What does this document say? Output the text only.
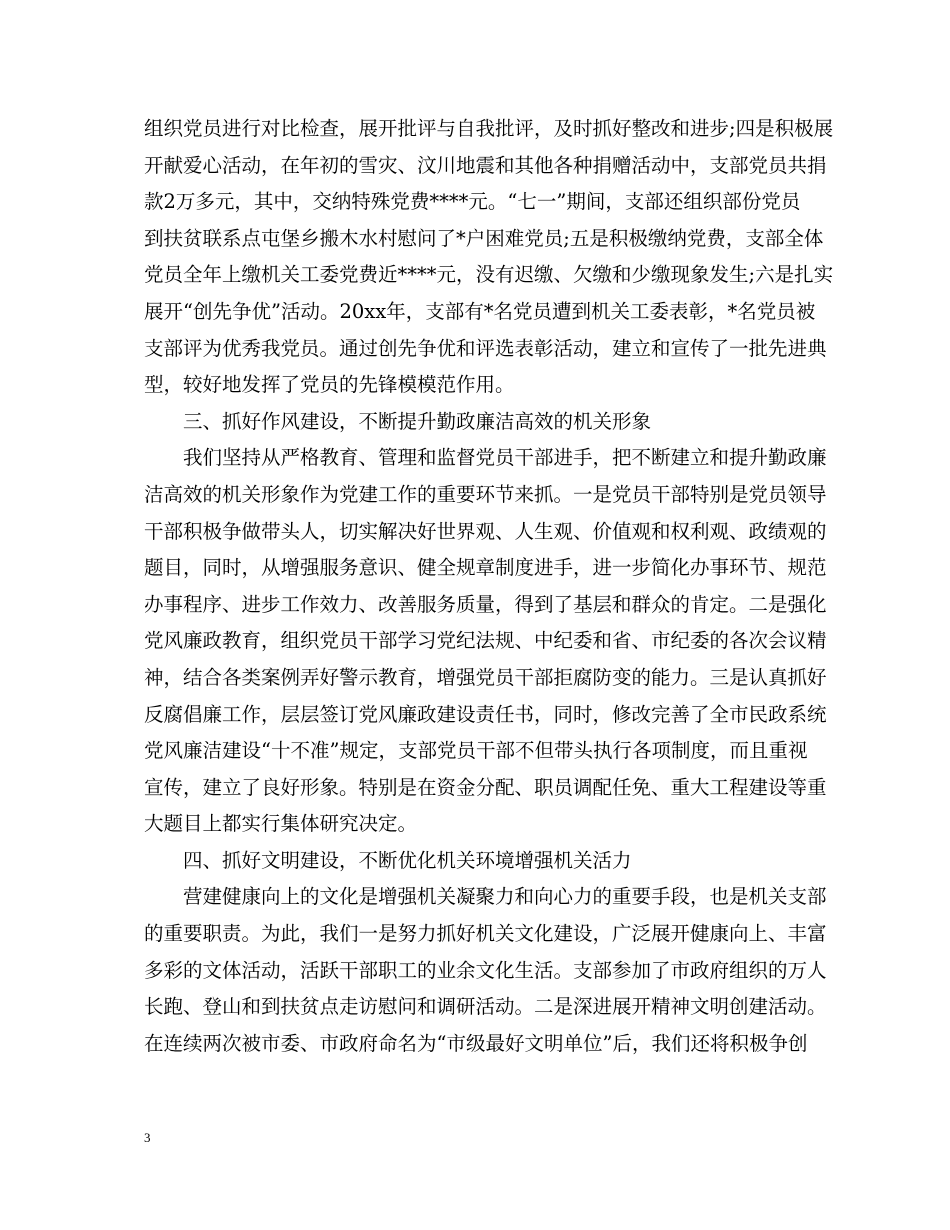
组织党员进行对比检查，展开批评与自我批评，及时抓好整改和进步;四是积极展
开献爱心活动，在年初的雪灾、汶川地震和其他各种捐赠活动中，支部党员共捐
款2万多元，其中，交纳特殊党费****元。“七一”期间，支部还组织部份党员
到扶贫联系点屯堡乡搬木水村慰问了*户困难党员;五是积极缴纳党费，支部全体
党员全年上缴机关工委党费近****元，没有迟缴、欠缴和少缴现象发生;六是扎实
展开“创先争优”活动。20xx年，支部有*名党员遭到机关工委表彰，*名党员被
支部评为优秀我党员。通过创先争优和评选表彰活动，建立和宣传了一批先进典
型，较好地发挥了党员的先锋模模范作用。
三、抓好作风建设，不断提升勤政廉洁高效的机关形象
我们坚持从严格教育、管理和监督党员干部进手，把不断建立和提升勤政廉
洁高效的机关形象作为党建工作的重要环节来抓。一是党员干部特别是党员领导
干部积极争做带头人，切实解决好世界观、人生观、价值观和权利观、政绩观的
题目，同时，从增强服务意识、健全规章制度进手，进一步简化办事环节、规范
办事程序、进步工作效力、改善服务质量，得到了基层和群众的肯定。二是强化
党风廉政教育，组织党员干部学习党纪法规、中纪委和省、市纪委的各次会议精
神，结合各类案例弄好警示教育，增强党员干部拒腐防变的能力。三是认真抓好
反腐倡廉工作，层层签订党风廉政建设责任书，同时，修改完善了全市民政系统
党风廉洁建设“十不准”规定，支部党员干部不但带头执行各项制度，而且重视
宣传，建立了良好形象。特别是在资金分配、职员调配任免、重大工程建设等重
大题目上都实行集体研究决定。
四、抓好文明建设，不断优化机关环境增强机关活力
营建健康向上的文化是增强机关凝聚力和向心力的重要手段，也是机关支部
的重要职责。为此，我们一是努力抓好机关文化建设，广泛展开健康向上、丰富
多彩的文体活动，活跃干部职工的业余文化生活。支部参加了市政府组织的万人
长跑、登山和到扶贫点走访慰问和调研活动。二是深进展开精神文明创建活动。
在连续两次被市委、市政府命名为“市级最好文明单位”后，我们还将积极争创
3
